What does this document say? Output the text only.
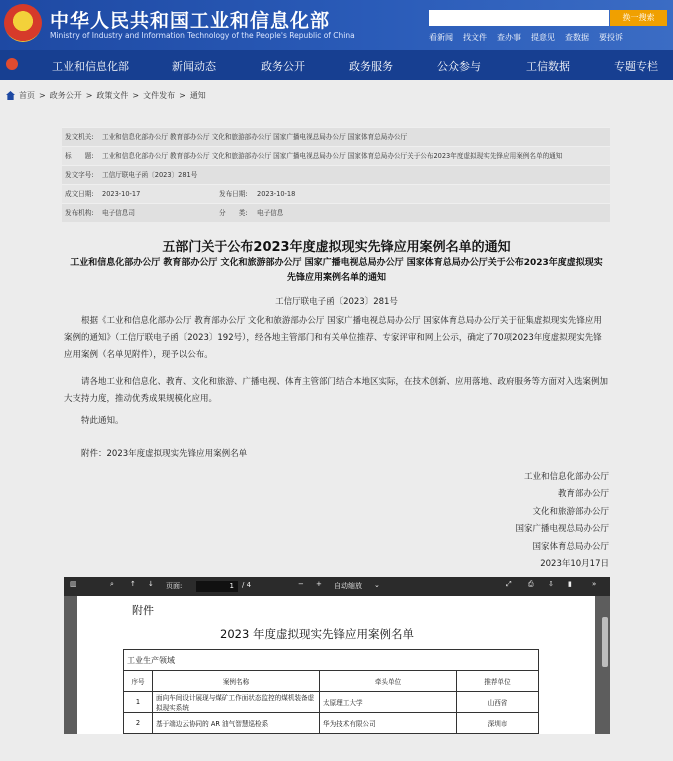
中华人民共和国工业和信息化部
Ministry of Industry and Information Technology of the People's Republic of China
换一搜索
看新闻 找文件 查办事 提意见 查数据 要投诉
工业和信息化部	新闻动态	政务公开	政务服务	公众参与	工信数据	专题专栏
首页 > 政务公开 > 政策文件 > 文件发布 > 通知
发文机关: 工业和信息化部办公厅 教育部办公厅 文化和旅游部办公厅 国家广播电视总局办公厅 国家体育总局办公厅
标　　题: 工业和信息化部办公厅 教育部办公厅 文化和旅游部办公厅 国家广播电视总局办公厅 国家体育总局办公厅关于公布2023年度虚拟现实先锋应用案例名单的通知
发文字号: 工信厅联电子函〔2023〕281号
成文日期: 2023-10-17	发布日期: 2023-10-18
发布机构: 电子信息司	分　　类: 电子信息
五部门关于公布2023年度虚拟现实先锋应用案例名单的通知
工业和信息化部办公厅 教育部办公厅 文化和旅游部办公厅 国家广播电视总局办公厅 国家体育总局办公厅关于公布2023年度虚拟现实先锋应用案例名单的通知
工信厅联电子函〔2023〕281号
根据《工业和信息化部办公厅 教育部办公厅 文化和旅游部办公厅 国家广播电视总局办公厅 国家体育总局办公厅关于征集虚拟现实先锋应用案例的通知》（工信厅联电子函〔2023〕192号），经各地主管部门和有关单位推荐、专家评审和网上公示，确定了70项2023年度虚拟现实先锋应用案例（名单见附件），现予以公布。
请各地工业和信息化、教育、文化和旅游、广播电视、体育主管部门结合本地区实际，在技术创新、应用落地、政府服务等方面对入选案例加大支持力度，推动优秀成果规模化应用。
特此通知。
附件：2023年度虚拟现实先锋应用案例名单
工业和信息化部办公厅
教育部办公厅
文化和旅游部办公厅
国家广播电视总局办公厅
国家体育总局办公厅
2023年10月17日
▥	⌕ ↑ ↓ 页面:	1	/ 4	− + 自动缩放 ⌄	⤢ ⎙ ⇩ ▮	»
附件
2023 年度虚拟现实先锋应用案例名单
工业生产领域			
序号	案例名称	牵头单位	推荐单位
1	面向车间设计展现与煤矿工作面状态监控的煤机装备虚拟现实系统	太原理工大学	山西省
2	基于端边云协同的 AR 油气智慧巡检系	华为技术有限公司	深圳市
